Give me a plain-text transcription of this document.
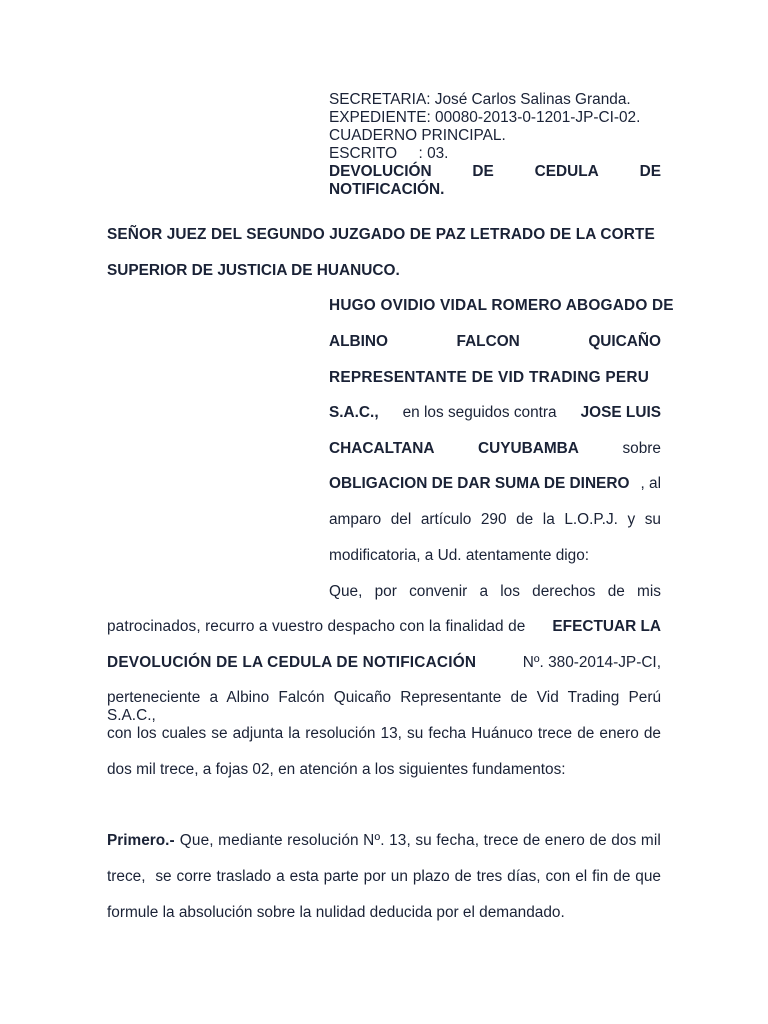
SECRETARIA: José Carlos Salinas Granda.
EXPEDIENTE: 00080-2013-0-1201-JP-CI-02.
CUADERNO PRINCIPAL.
ESCRITO     : 03.
DEVOLUCIÓN	DE	CEDULA	DE
NOTIFICACIÓN.
SEÑOR JUEZ DEL SEGUNDO JUZGADO DE PAZ LETRADO DE LA CORTE
SUPERIOR DE JUSTICIA DE HUANUCO.
HUGO OVIDIO VIDAL ROMERO ABOGADO DE
ALBINO	FALCON	QUICAÑO
REPRESENTANTE DE VID TRADING PERU
S.A.C., en los seguidos contra JOSE LUIS
CHACALTANA	CUYUBAMBA	sobre
OBLIGACION DE DAR SUMA DE DINERO , al
amparo del artículo 290 de la L.O.P.J. y su
modificatoria, a Ud. atentamente digo:
Que, por convenir a los derechos de mis
patrocinados, recurro a vuestro despacho con la finalidad de EFECTUAR LA
DEVOLUCIÓN DE LA CEDULA DE NOTIFICACIÓN	Nº. 380-2014-JP-CI,
perteneciente a Albino Falcón Quicaño Representante de Vid Trading Perú S.A.C.,
con los cuales se adjunta la resolución 13, su fecha Huánuco trece de enero de
dos mil trece, a fojas 02, en atención a los siguientes fundamentos:
Primero.- Que, mediante resolución Nº. 13, su fecha, trece de enero de dos mil
trece,  se corre traslado a esta parte por un plazo de tres días, con el fin de que
formule la absolución sobre la nulidad deducida por el demandado.
